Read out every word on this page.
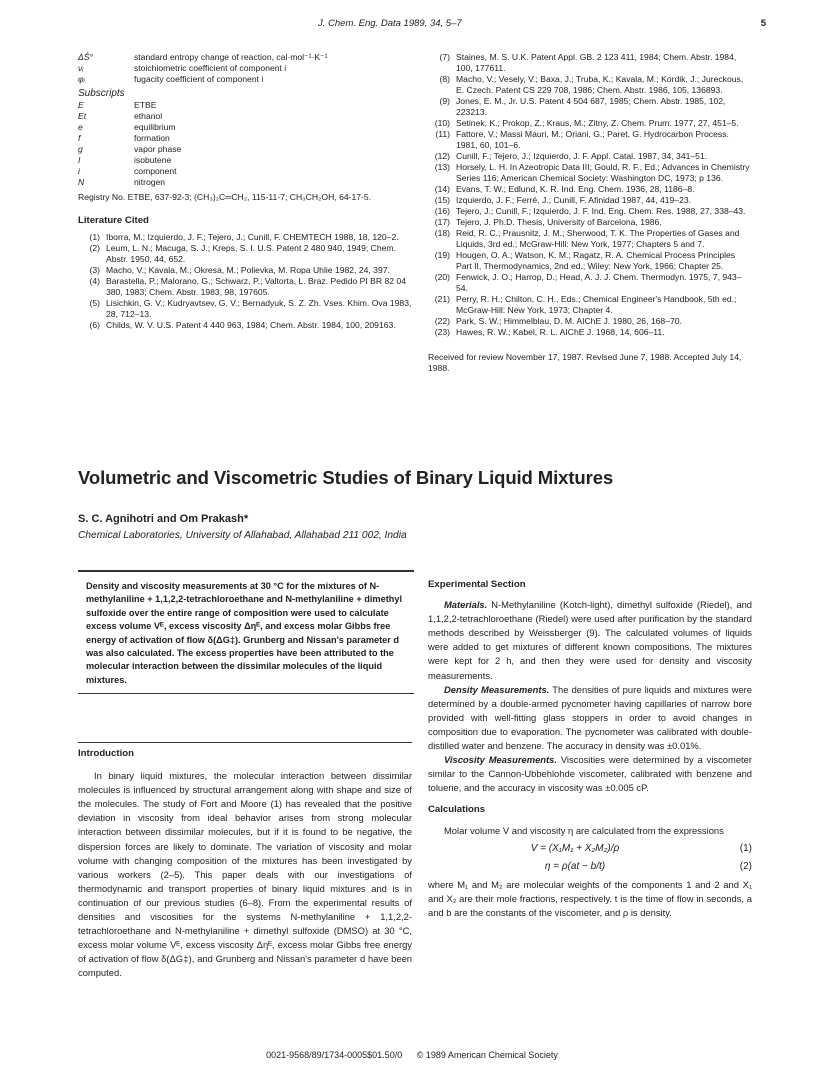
J. Chem. Eng. Data 1989, 34, 5–7	5
ΔŜ°	standard entropy change of reaction, cal·mol⁻¹·K⁻¹
νᵢ	stoichiometric coefficient of component i
φᵢ	fugacity coefficient of component i
Subscripts
E	ETBE
Et	ethanol
e	equilibrium
f	formation
g	vapor phase
I	isobutene
i	component
N	nitrogen
Registry No. ETBE, 637-92-3; (CH₃)₂C═CH₂, 115-11-7; CH₃CH₂OH, 64-17-5.
Literature Cited
(1) Iborra, M.; Izquierdo, J. F.; Tejero, J.; Cunill, F. CHEMTECH 1988, 18, 120–2.
(2) Leum, L. N.; Macuga, S. J.; Kreps, S. I. U.S. Patent 2 480 940, 1949; Chem. Abstr. 1950, 44, 652.
(3) Macho, V.; Kavala, M.; Okresa, M.; Polievka, M. Ropa Uhlie 1982, 24, 397.
(4) Barastella, P.; Malorano, G.; Schwarz, P.; Valtorta, L. Braz. Pedido PI BR 82 04 380, 1983; Chem. Abstr. 1983, 98, 197605.
(5) Lisichkin, G. V.; Kudryavtsev, G. V.; Bernadyuk, S. Z. Zh. Vses. Khim. Ova 1983, 28, 712–13.
(6) Childs, W. V. U.S. Patent 4 440 963, 1984; Chem. Abstr. 1984, 100, 209163.
(7) Staines, M. S. U.K. Patent Appl. GB. 2 123 411, 1984; Chem. Abstr. 1984, 100, 177611.
(8) Macho, V.; Vesely, V.; Baxa, J.; Truba, K.; Kavala, M.; Kordik, J.; Jureckous, E. Czech. Patent CS 229 708, 1986; Chem. Abstr. 1986, 105, 136893.
(9) Jones, E. M., Jr. U.S. Patent 4 504 687, 1985; Chem. Abstr. 1985, 102, 223213.
(10) Setinek, K.; Prokop, Z.; Kraus, M.; Zitny, Z. Chem. Prum. 1977, 27, 451–5.
(11) Fattore, V.; Massi Mauri, M.; Oriani, G.; Paret, G. Hydrocarbon Process. 1981, 60, 101–6.
(12) Cunill, F.; Tejero, J.; Izquierdo, J. F. Appl. Catal. 1987, 34, 341–51.
(13) Horsely, L. H. In Azeotropic Data III; Gould, R. F., Ed.; Advances in Chemistry Series 116; American Chemical Society: Washington DC, 1973; p 136.
(14) Evans, T. W.; Edlund, K. R. Ind. Eng. Chem. 1936, 28, 1186–8.
(15) Izquierdo, J. F.; Ferré, J.; Cunill, F. Afinidad 1987, 44, 419–23.
(16) Tejero, J.; Cunill, F.; Izquierdo, J. F. Ind. Eng. Chem. Res. 1988, 27, 338–43.
(17) Tejero, J. Ph.D. Thesis, University of Barcelona, 1986.
(18) Reid, R. C.; Prausnitz, J. M.; Sherwood, T. K. The Properties of Gases and Liquids, 3rd ed.; McGraw-Hill: New York, 1977; Chapters 5 and 7.
(19) Hougen, O. A.; Watson, K. M.; Ragatz, R. A. Chemical Process Principles Part II, Thermodynamics, 2nd ed.; Wiley: New York, 1966; Chapter 25.
(20) Fenwick, J. O.; Harrop, D.; Head, A. J. J. Chem. Thermodyn. 1975, 7, 943–54.
(21) Perry, R. H.; Chilton, C. H., Eds.; Chemical Engineer's Handbook, 5th ed.; McGraw-Hill: New York, 1973; Chapter 4.
(22) Park, S. W.; Himmelblau, D. M. AIChE J. 1980, 26, 168–70.
(23) Hawes, R. W.; Kabel, R. L. AIChE J. 1968, 14, 606–11.
Received for review November 17, 1987. Revised June 7, 1988. Accepted July 14, 1988.
Volumetric and Viscometric Studies of Binary Liquid Mixtures
S. C. Agnihotri and Om Prakash*
Chemical Laboratories, University of Allahabad, Allahabad 211 002, India
Density and viscosity measurements at 30 °C for the mixtures of N-methylaniline + 1,1,2,2-tetrachloroethane and N-methylaniline + dimethyl sulfoxide over the entire range of composition were used to calculate excess volume Vᴱ, excess viscosity Δηᴱ, and excess molar Gibbs free energy of activation of flow δ(ΔG‡). Grunberg and Nissan's parameter d was also calculated. The excess properties have been attributed to the molecular interaction between the dissimilar molecules of the liquid mixtures.
Introduction

In binary liquid mixtures, the molecular interaction between dissimilar molecules is influenced by structural arrangement along with shape and size of the molecules. The study of Fort and Moore (1) has revealed that the positive deviation in viscosity from ideal behavior arises from strong molecular interaction between dissimilar molecules, but if it is found to be negative, the dispersion forces are likely to dominate. The variation of viscosity and molar volume with changing composition of the mixtures has been investigated by various workers (2–5). This paper deals with our investigations of thermodynamic and transport properties of binary liquid mixtures and is in continuation of our previous studies (6–8). From the experimental results of densities and viscosities for the systems N-methylaniline + 1,1,2,2-tetrachloroethane and N-methylaniline + dimethyl sulfoxide (DMSO) at 30 °C, excess molar volume Vᴱ, excess viscosity Δηᴱ, excess molar Gibbs free energy of activation of flow δ(ΔG‡), and Grunberg and Nissan's parameter d have been computed.

Experimental Section

Materials. N-Methylaniline (Kotch-light), dimethyl sulfoxide (Riedel), and 1,1,2,2-tetrachloroethane (Riedel) were used after purification by the standard methods described by Weissberger (9). The calculated volumes of liquids were added to get mixtures of different known compositions. The mixtures were kept for 2 h, and then they were used for density and viscosity measurements.

Density Measurements. The densities of pure liquids and mixtures were determined by a double-armed pycnometer having capillaries of narrow bore provided with well-fitting glass stoppers in order to avoid changes in composition due to evaporation. The pycnometer was calibrated with double-distilled water and benzene. The accuracy in density was ±0.01%.

Viscosity Measurements. Viscosities were determined by a viscometer similar to the Cannon-Ubbehlohde viscometer, calibrated with benzene and toluene, and the accuracy in viscosity was ±0.005 cP.

Calculations

Molar volume V and viscosity η are calculated from the expressions

V = (X₁M₁ + X₂M₂)/ρ	(1)
η = ρ(at − b/t)	(2)

where M₁ and M₂ are molecular weights of the components 1 and 2 and X₁ and X₂ are their mole fractions, respectively. t is the time of flow in seconds, a and b are the constants of the viscometer, and ρ is density.

0021-9568/89/1734-0005$01.50/0 © 1989 American Chemical Society
